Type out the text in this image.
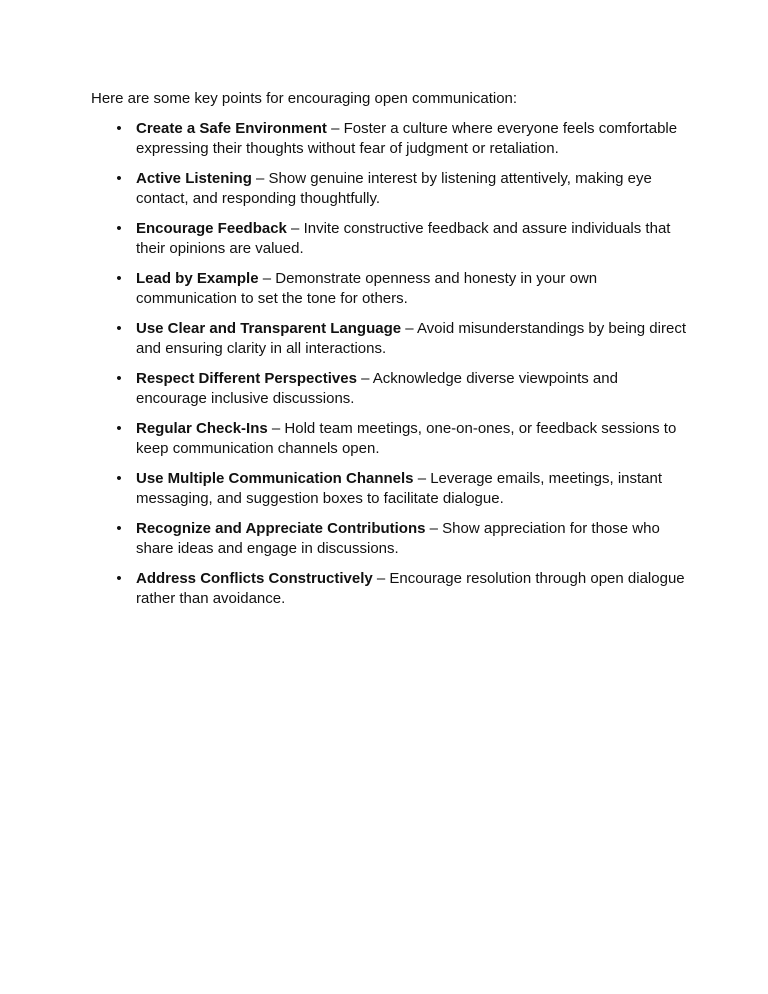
Here are some key points for encouraging open communication:

• Create a Safe Environment – Foster a culture where everyone feels comfortable expressing their thoughts without fear of judgment or retaliation.
• Active Listening – Show genuine interest by listening attentively, making eye contact, and responding thoughtfully.
• Encourage Feedback – Invite constructive feedback and assure individuals that their opinions are valued.
• Lead by Example – Demonstrate openness and honesty in your own communication to set the tone for others.
• Use Clear and Transparent Language – Avoid misunderstandings by being direct and ensuring clarity in all interactions.
• Respect Different Perspectives – Acknowledge diverse viewpoints and encourage inclusive discussions.
• Regular Check-Ins – Hold team meetings, one-on-ones, or feedback sessions to keep communication channels open.
• Use Multiple Communication Channels – Leverage emails, meetings, instant messaging, and suggestion boxes to facilitate dialogue.
• Recognize and Appreciate Contributions – Show appreciation for those who share ideas and engage in discussions.
• Address Conflicts Constructively – Encourage resolution through open dialogue rather than avoidance.
